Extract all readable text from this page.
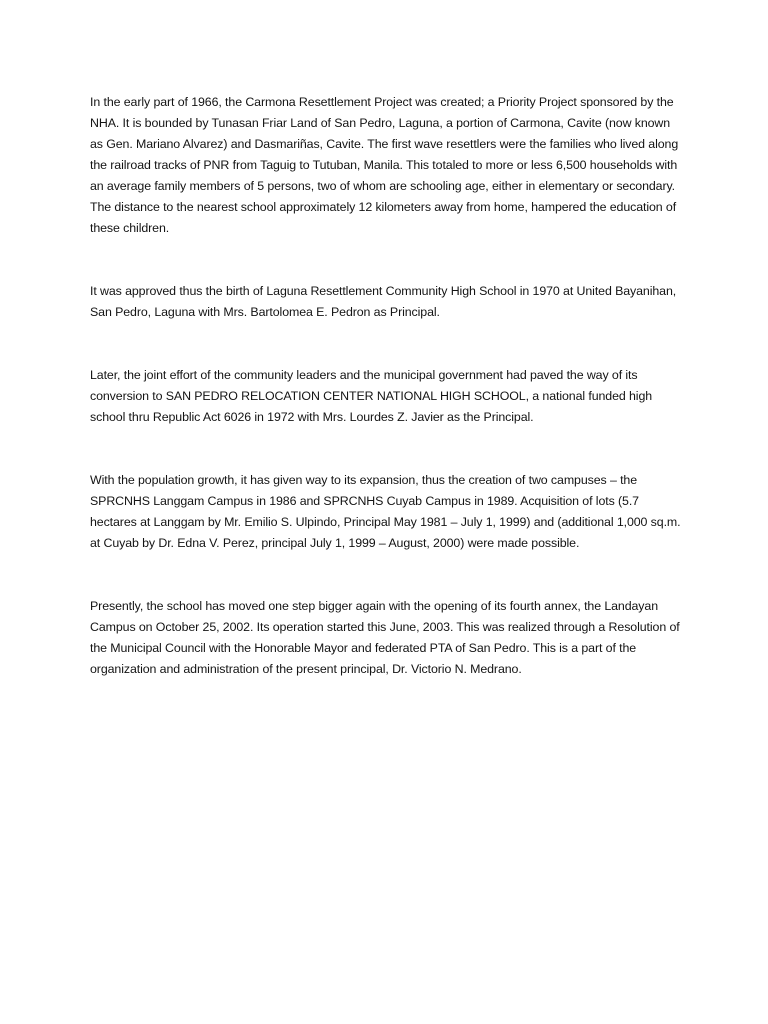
In the early part of 1966, the Carmona Resettlement Project was created; a Priority Project sponsored by the NHA. It is bounded by Tunasan Friar Land of San Pedro, Laguna, a portion of Carmona, Cavite (now known as Gen. Mariano Alvarez) and Dasmariñas, Cavite. The first wave resettlers were the families who lived along the railroad tracks of PNR from Taguig to Tutuban, Manila. This totaled to more or less 6,500 households with an average family members of 5 persons, two of whom are schooling age, either in elementary or secondary. The distance to the nearest school approximately 12 kilometers away from home, hampered the education of these children.

It was approved thus the birth of Laguna Resettlement Community High School in 1970 at United Bayanihan, San Pedro, Laguna with Mrs. Bartolomea E. Pedron as Principal.

Later, the joint effort of the community leaders and the municipal government had paved the way of its conversion to SAN PEDRO RELOCATION CENTER NATIONAL HIGH SCHOOL, a national funded high school thru Republic Act 6026 in 1972 with Mrs. Lourdes Z. Javier as the Principal.

With the population growth, it has given way to its expansion, thus the creation of two campuses – the SPRCNHS Langgam Campus in 1986 and SPRCNHS Cuyab Campus in 1989. Acquisition of lots (5.7 hectares at Langgam by Mr. Emilio S. Ulpindo, Principal May 1981 – July 1, 1999) and (additional 1,000 sq.m. at Cuyab by Dr. Edna V. Perez, principal July 1, 1999 – August, 2000) were made possible.

Presently, the school has moved one step bigger again with the opening of its fourth annex, the Landayan Campus on October 25, 2002. Its operation started this June, 2003. This was realized through a Resolution of the Municipal Council with the Honorable Mayor and federated PTA of San Pedro. This is a part of the organization and administration of the present principal, Dr. Victorio N. Medrano.
